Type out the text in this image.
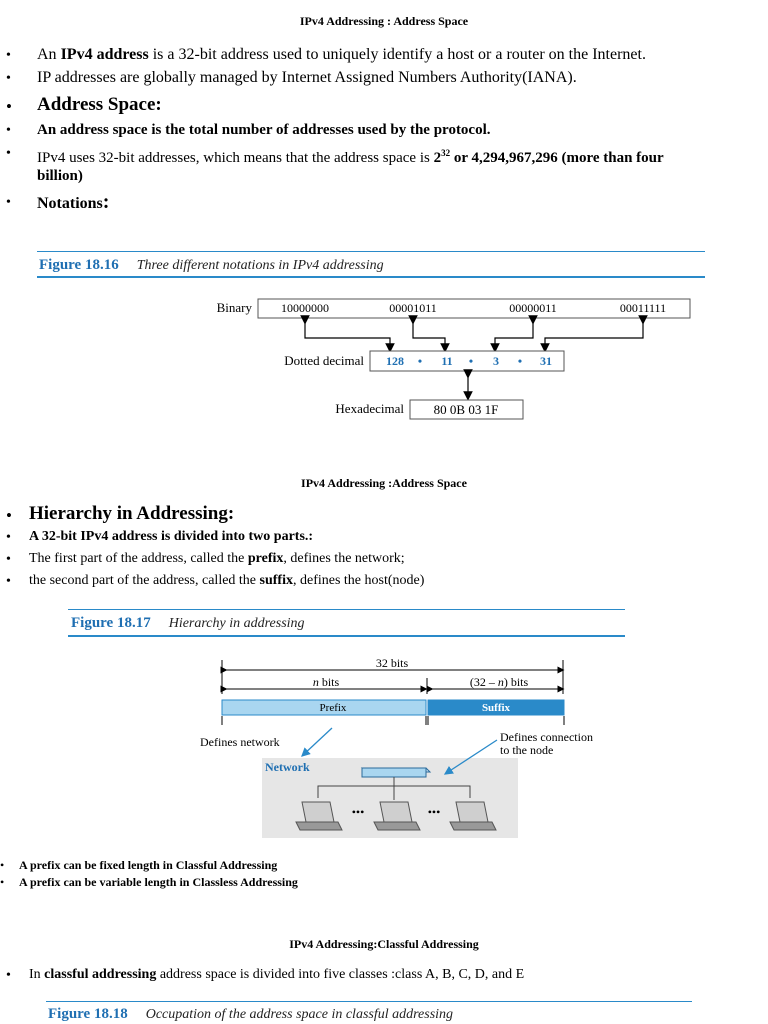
IPv4 Addressing : Address Space
• An IPv4 address is a 32-bit address used to uniquely identify a host or a router on the Internet.
• IP addresses are globally managed by Internet Assigned Numbers Authority(IANA).
• Address Space:
• An address space is the total number of addresses used by the protocol.
• IPv4 uses 32-bit addresses, which means that the address space is $2^{32}$ or 4,294,967,296 (more than four
billion)
• Notations:
Figure 18.16 Three different notations in IPv4 addressing
Binary 10000000	00001011	00000011	00011111
Dotted decimal 128 • 11 • 3 • 31
Hexadecimal 80 0B 03 1F
IPv4 Addressing :Address Space
• Hierarchy in Addressing:
• A 32-bit IPv4 address is divided into two parts.:
• The first part of the address, called the prefix, defines the network;
• the second part of the address, called the suffix, defines the host(node)
Figure 18.17 Hierarchy in addressing
32 bits
n bits	(32 – n) bits
Prefix	Suffix
Defines network	Defines connection
to the node
Network
•••	•••
• A prefix can be fixed length in Classful Addressing
• A prefix can be variable length in Classless Addressing
IPv4 Addressing:Classful Addressing
• In classful addressing address space is divided into five classes :class A, B, C, D, and E
Figure 18.18 Occupation of the address space in classful addressing
